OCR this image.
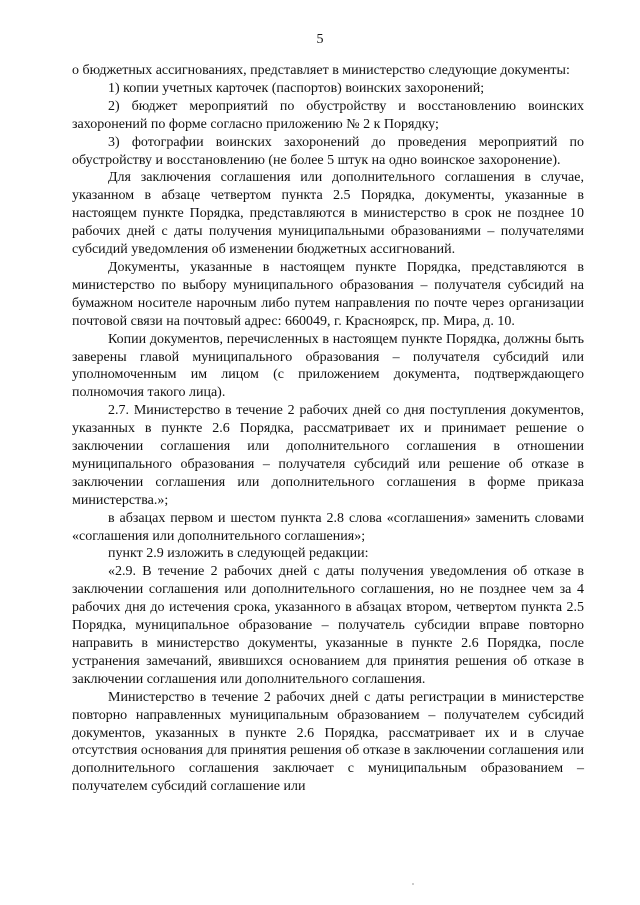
5

о бюджетных ассигнованиях, представляет в министерство следующие документы:

1) копии учетных карточек (паспортов) воинских захоронений;

2) бюджет мероприятий по обустройству и восстановлению воинских захоронений по форме согласно приложению № 2 к Порядку;

3) фотографии воинских захоронений до проведения мероприятий по обустройству и восстановлению (не более 5 штук на одно воинское захоронение).

Для заключения соглашения или дополнительного соглашения в случае, указанном в абзаце четвертом пункта 2.5 Порядка, документы, указанные в настоящем пункте Порядка, представляются в министерство в срок не позднее 10 рабочих дней с даты получения муниципальными образованиями – получателями субсидий уведомления об изменении бюджетных ассигнований.

Документы, указанные в настоящем пункте Порядка, представляются в министерство по выбору муниципального образования – получателя субсидий на бумажном носителе нарочным либо путем направления по почте через организации почтовой связи на почтовый адрес: 660049, г. Красноярск, пр. Мира, д. 10.

Копии документов, перечисленных в настоящем пункте Порядка, должны быть заверены главой муниципального образования – получателя субсидий или уполномоченным им лицом (с приложением документа, подтверждающего полномочия такого лица).

2.7. Министерство в течение 2 рабочих дней со дня поступления документов, указанных в пункте 2.6 Порядка, рассматривает их и принимает решение о заключении соглашения или дополнительного соглашения в отношении муниципального образования – получателя субсидий или решение об отказе в заключении соглашения или дополнительного соглашения в форме приказа министерства.»;

в абзацах первом и шестом пункта 2.8 слова «соглашения» заменить словами «соглашения или дополнительного соглашения»;

пункт 2.9 изложить в следующей редакции:

«2.9. В течение 2 рабочих дней с даты получения уведомления об отказе в заключении соглашения или дополнительного соглашения, но не позднее чем за 4 рабочих дня до истечения срока, указанного в абзацах втором, четвертом пункта 2.5 Порядка, муниципальное образование – получатель субсидии вправе повторно направить в министерство документы, указанные в пункте 2.6 Порядка, после устранения замечаний, явившихся основанием для принятия решения об отказе в заключении соглашения или дополнительного соглашения.

Министерство в течение 2 рабочих дней с даты регистрации в министерстве повторно направленных муниципальным образованием – получателем субсидий документов, указанных в пункте 2.6 Порядка, рассматривает их и в случае отсутствия основания для принятия решения об отказе в заключении соглашения или дополнительного соглашения заключает с муниципальным образованием – получателем субсидий соглашение или
